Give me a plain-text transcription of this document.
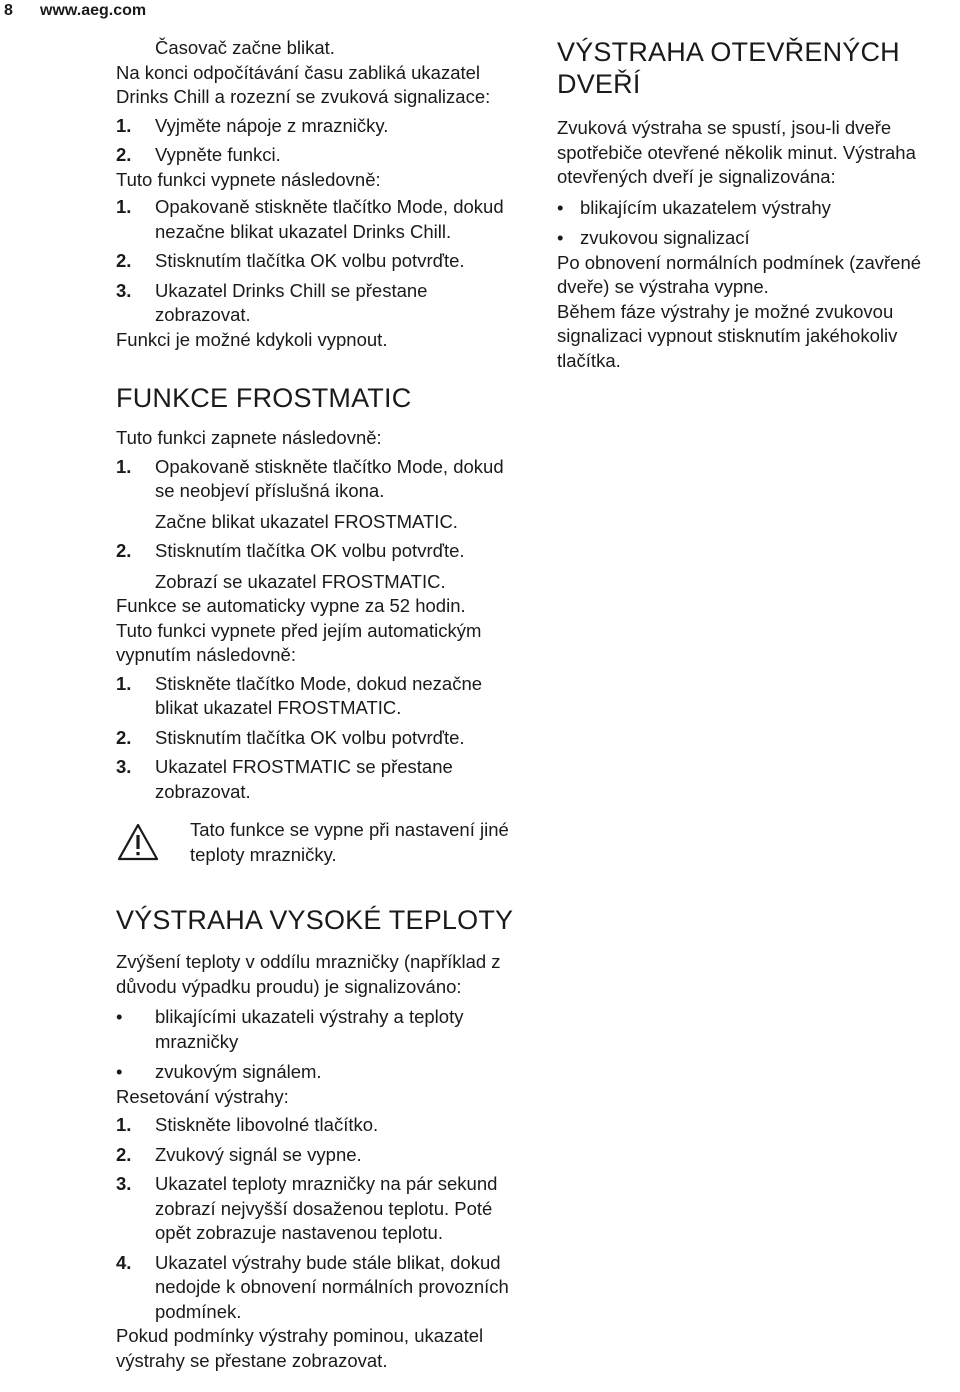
8 www.aeg.com

Časovač začne blikat.

Na konci odpočítávání času zabliká ukazatel Drinks Chill a rozezní se zvuková signalizace:

1. Vyjměte nápoje z mrazničky.
2. Vypněte funkci.

Tuto funkci vypnete následovně:

1. Opakovaně stiskněte tlačítko Mode, dokud nezačne blikat ukazatel Drinks Chill.
2. Stisknutím tlačítka OK volbu potvrďte.
3. Ukazatel Drinks Chill se přestane zobrazovat.

Funkci je možné kdykoli vypnout.

FUNKCE FROSTMATIC

Tuto funkci zapnete následovně:

1. Opakovaně stiskněte tlačítko Mode, dokud se neobjeví příslušná ikona.
Začne blikat ukazatel FROSTMATIC.
2. Stisknutím tlačítka OK volbu potvrďte.
Zobrazí se ukazatel FROSTMATIC.

Funkce se automaticky vypne za 52 hodin.

Tuto funkci vypnete před jejím automatickým vypnutím následovně:

1. Stiskněte tlačítko Mode, dokud nezačne blikat ukazatel FROSTMATIC.
2. Stisknutím tlačítka OK volbu potvrďte.
3. Ukazatel FROSTMATIC se přestane zobrazovat.
Tato funkce se vypne při nastavení jiné teploty mrazničky.
VÝSTRAHA VYSOKÉ TEPLOTY

Zvýšení teploty v oddílu mrazničky (například z důvodu výpadku proudu) je signalizováno:

• blikajícími ukazateli výstrahy a teploty mrazničky
• zvukovým signálem.

Resetování výstrahy:

1. Stiskněte libovolné tlačítko.
2. Zvukový signál se vypne.
3. Ukazatel teploty mrazničky na pár sekund zobrazí nejvyšší dosaženou teplotu. Poté opět zobrazuje nastavenou teplotu.
4. Ukazatel výstrahy bude stále blikat, dokud nedojde k obnovení normálních provozních podmínek.

Pokud podmínky výstrahy pominou, ukazatel výstrahy se přestane zobrazovat.

VÝSTRAHA OTEVŘENÝCH DVEŘÍ

Zvuková výstraha se spustí, jsou-li dveře spotřebiče otevřené několik minut. Výstraha otevřených dveří je signalizována:

• blikajícím ukazatelem výstrahy
• zvukovou signalizací

Po obnovení normálních podmínek (zavřené dveře) se výstraha vypne.

Během fáze výstrahy je možné zvukovou signalizaci vypnout stisknutím jakéhokoliv tlačítka.
